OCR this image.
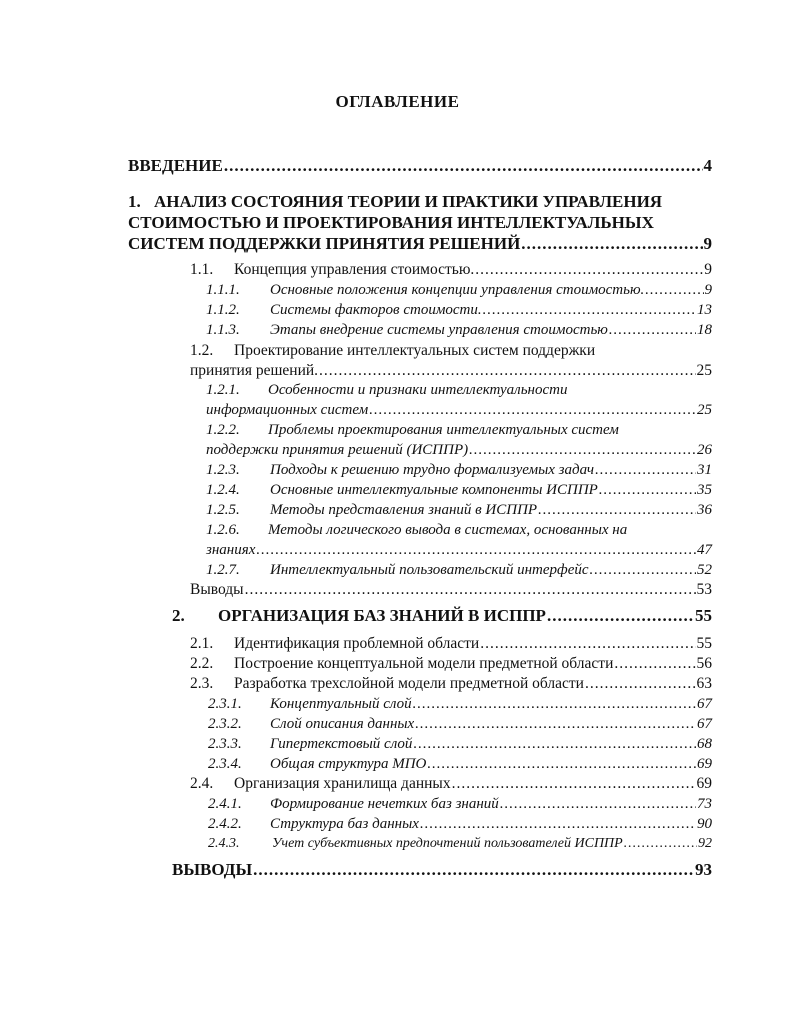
ОГЛАВЛЕНИЕ
ВВЕДЕНИЕ .....	4
1. АНАЛИЗ СОСТОЯНИЯ ТЕОРИИ И ПРАКТИКИ УПРАВЛЕНИЯ
СТОИМОСТЬЮ И ПРОЕКТИРОВАНИЯ ИНТЕЛЛЕКТУАЛЬНЫХ
СИСТЕМ ПОДДЕРЖКИ ПРИНЯТИЯ РЕШЕНИЙ .....	9
1.1.	Концепция управления стоимостью. .....	9
1.1.1.	Основные положения концепции управления стоимостью. .....	9
1.1.2.	Системы факторов стоимости. .....	13
1.1.3.	Этапы внедрение системы управления стоимостью .....	18
1.2. Проектирование интеллектуальных систем поддержки
принятия решений. .....	25
1.2.1. Особенности и признаки интеллектуальности
информационных систем .....	25
1.2.2. Проблемы проектирования интеллектуальных систем
поддержки принятия решений (ИСППР) .....	26
1.2.3.	Подходы к решению трудно формализуемых задач .....	31
1.2.4.	Основные интеллектуальные компоненты ИСППР .....	35
1.2.5.	Методы представления знаний в ИСППР .....	36
1.2.6. Методы логического вывода в системах, основанных на
знаниях .....	47
1.2.7.	Интеллектуальный пользовательский интерфейс .....	52
Выводы .....	53
2.	ОРГАНИЗАЦИЯ БАЗ ЗНАНИЙ В ИСППР .....	55
2.1.	Идентификация проблемной области .....	55
2.2.	Построение концептуальной модели предметной области .....	56
2.3.	Разработка трехслойной модели предметной области .....	63
2.3.1.	Концептуальный слой .....	67
2.3.2.	Слой описания данных .....	67
2.3.3.	Гипертекстовый слой .....	68
2.3.4.	Общая структура МПО .....	69
2.4.	Организация хранилища данных .....	69
2.4.1.	Формирование нечетких баз знаний .....	73
2.4.2.	Структура баз данных .....	90
2.4.3.	Учет субъективных предпочтений пользователей ИСППР .....	92
ВЫВОДЫ .....	93
